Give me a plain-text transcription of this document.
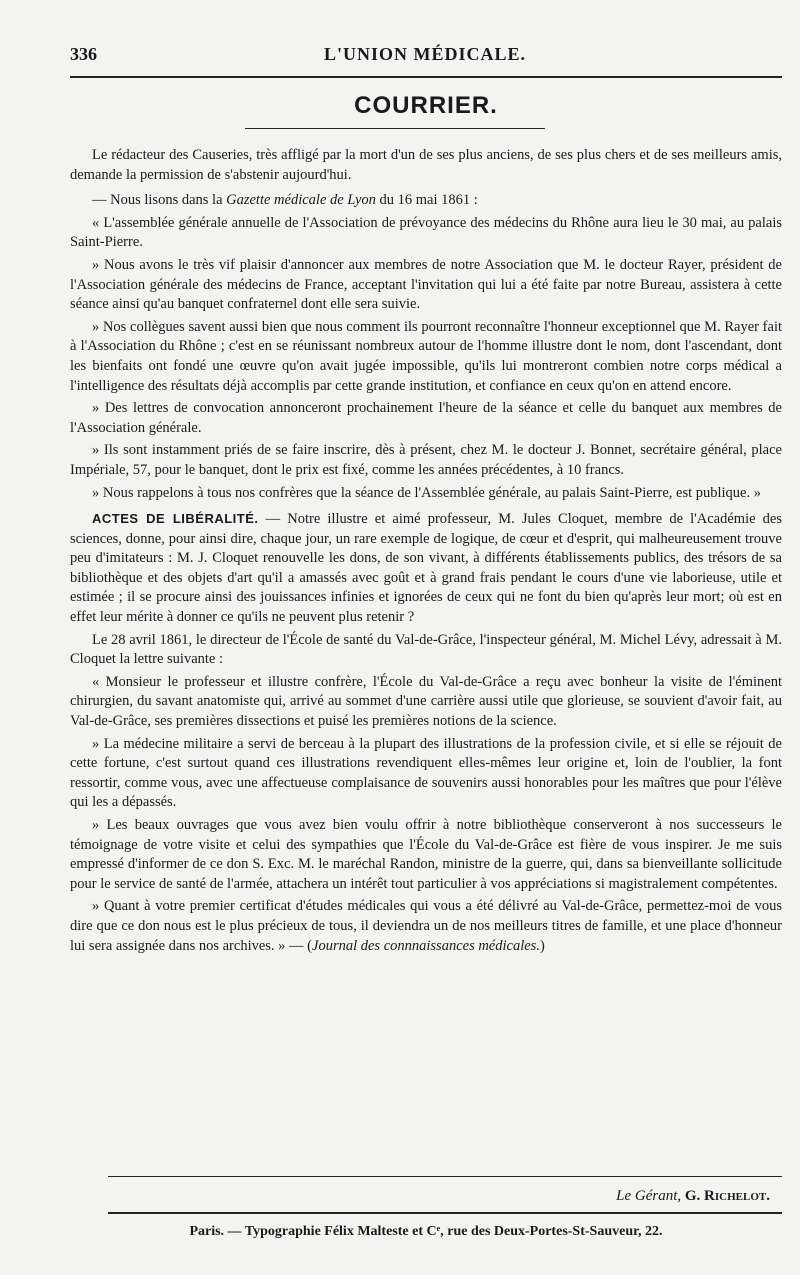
336	L'UNION MÉDICALE.
COURRIER.

Le rédacteur des Causeries, très affligé par la mort d'un de ses plus anciens, de ses plus chers et de ses meilleurs amis, demande la permission de s'abstenir aujourd'hui.

— Nous lisons dans la Gazette médicale de Lyon du 16 mai 1861 :

« L'assemblée générale annuelle de l'Association de prévoyance des médecins du Rhône aura lieu le 30 mai, au palais Saint-Pierre.

» Nous avons le très vif plaisir d'annoncer aux membres de notre Association que M. le docteur Rayer, président de l'Association générale des médecins de France, acceptant l'invitation qui lui a été faite par notre Bureau, assistera à cette séance ainsi qu'au banquet confraternel dont elle sera suivie.

» Nos collègues savent aussi bien que nous comment ils pourront reconnaître l'honneur exceptionnel que M. Rayer fait à l'Association du Rhône ; c'est en se réunissant nombreux autour de l'homme illustre dont le nom, dont l'ascendant, dont les bienfaits ont fondé une œuvre qu'on avait jugée impossible, qu'ils lui montreront combien notre corps médical a l'intelligence des résultats déjà accomplis par cette grande institution, et confiance en ceux qu'on en attend encore.

» Des lettres de convocation annonceront prochainement l'heure de la séance et celle du banquet aux membres de l'Association générale.

» Ils sont instamment priés de se faire inscrire, dès à présent, chez M. le docteur J. Bonnet, secrétaire général, place Impériale, 57, pour le banquet, dont le prix est fixé, comme les années précédentes, à 10 francs.

» Nous rappelons à tous nos confrères que la séance de l'Assemblée générale, au palais Saint-Pierre, est publique. »

ACTES DE LIBÉRALITÉ. — Notre illustre et aimé professeur, M. Jules Cloquet, membre de l'Académie des sciences, donne, pour ainsi dire, chaque jour, un rare exemple de logique, de cœur et d'esprit, qui malheureusement trouve peu d'imitateurs : M. J. Cloquet renouvelle les dons, de son vivant, à différents établissements publics, des trésors de sa bibliothèque et des objets d'art qu'il a amassés avec goût et à grand frais pendant le cours d'une vie laborieuse, utile et estimée ; il se procure ainsi des jouissances infinies et ignorées de ceux qui ne font du bien qu'après leur mort; où est en effet leur mérite à donner ce qu'ils ne peuvent plus retenir ?

Le 28 avril 1861, le directeur de l'École de santé du Val-de-Grâce, l'inspecteur général, M. Michel Lévy, adressait à M. Cloquet la lettre suivante :

« Monsieur le professeur et illustre confrère, l'École du Val-de-Grâce a reçu avec bonheur la visite de l'éminent chirurgien, du savant anatomiste qui, arrivé au sommet d'une carrière aussi utile que glorieuse, se souvient d'avoir fait, au Val-de-Grâce, ses premières dissections et puisé les premières notions de la science.

» La médecine militaire a servi de berceau à la plupart des illustrations de la profession civile, et si elle se réjouit de cette fortune, c'est surtout quand ces illustrations revendiquent elles-mêmes leur origine et, loin de l'oublier, la font ressortir, comme vous, avec une affectueuse complaisance de souvenirs aussi honorables pour les maîtres que pour l'élève qui les a dépassés.

» Les beaux ouvrages que vous avez bien voulu offrir à notre bibliothèque conserveront à nos successeurs le témoignage de votre visite et celui des sympathies que l'École du Val-de-Grâce est fière de vous inspirer. Je me suis empressé d'informer de ce don S. Exc. M. le maréchal Randon, ministre de la guerre, qui, dans sa bienveillante sollicitude pour le service de santé de l'armée, attachera un intérêt tout particulier à vos appréciations si magistralement compétentes.

» Quant à votre premier certificat d'études médicales qui vous a été délivré au Val-de-Grâce, permettez-moi de vous dire que ce don nous est le plus précieux de tous, il deviendra un de nos meilleurs titres de famille, et une place d'honneur lui sera assignée dans nos archives. » — (Journal des connnaissances médicales.)

Le Gérant, G. Richelot.
Paris. — Typographie Félix Malteste et Cᵉ, rue des Deux-Portes-St-Sauveur, 22.
